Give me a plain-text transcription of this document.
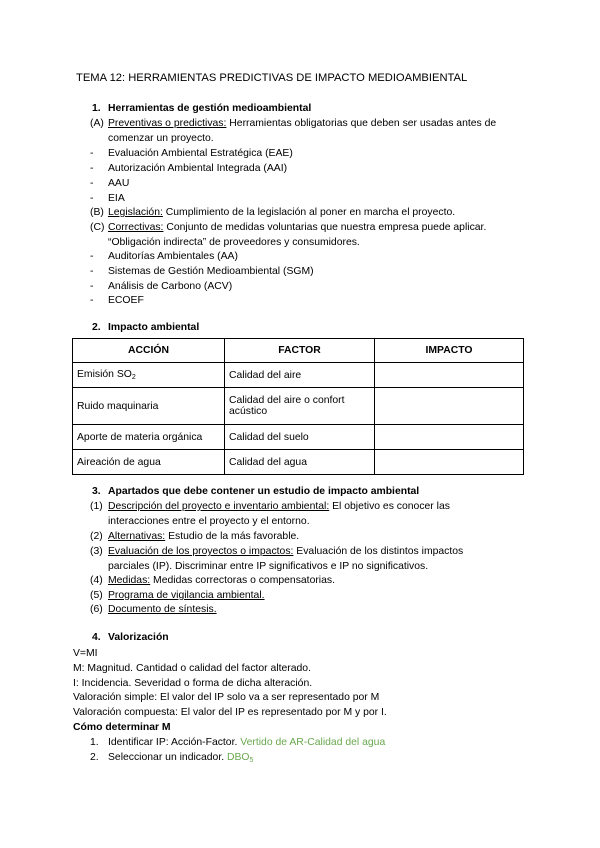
TEMA 12: HERRAMIENTAS PREDICTIVAS DE IMPACTO MEDIOAMBIENTAL
1. Herramientas de gestión medioambiental
(A) Preventivas o predictivas: Herramientas obligatorias que deben ser usadas antes de
comenzar un proyecto.
- Evaluación Ambiental Estratégica (EAE)
- Autorización Ambiental Integrada (AAI)
- AAU
- EIA
(B) Legislación: Cumplimiento de la legislación al poner en marcha el proyecto.
(C) Correctivas: Conjunto de medidas voluntarias que nuestra empresa puede aplicar.
“Obligación indirecta” de proveedores y consumidores.
- Auditorías Ambientales (AA)
- Sistemas de Gestión Medioambiental (SGM)
- Análisis de Carbono (ACV)
- ECOEF
2. Impacto ambiental
ACCIÓN	FACTOR	IMPACTO
Emisión $SO_2$	Calidad del aire	
Ruido maquinaria	Calidad del aire o confort
acústico	
Aporte de materia orgánica	Calidad del suelo	
Aireación de agua	Calidad del agua	
3. Apartados que debe contener un estudio de impacto ambiental
(1) Descripción del proyecto e inventario ambiental: El objetivo es conocer las
interacciones entre el proyecto y el entorno.
(2) Alternativas: Estudio de la más favorable.
(3) Evaluación de los proyectos o impactos: Evaluación de los distintos impactos
parciales (IP). Discriminar entre IP significativos e IP no significativos.
(4) Medidas: Medidas correctoras o compensatorias.
(5) Programa de vigilancia ambiental.
(6) Documento de síntesis.
4. Valorización
V=MI
M: Magnitud. Cantidad o calidad del factor alterado.
I: Incidencia. Severidad o forma de dicha alteración.
Valoración simple: El valor del IP solo va a ser representado por M
Valoración compuesta: El valor del IP es representado por M y por I.
Cómo determinar M
1. Identificar IP: Acción-Factor. Vertido de AR-Calidad del agua
2. Seleccionar un indicador. $DBO_5$
